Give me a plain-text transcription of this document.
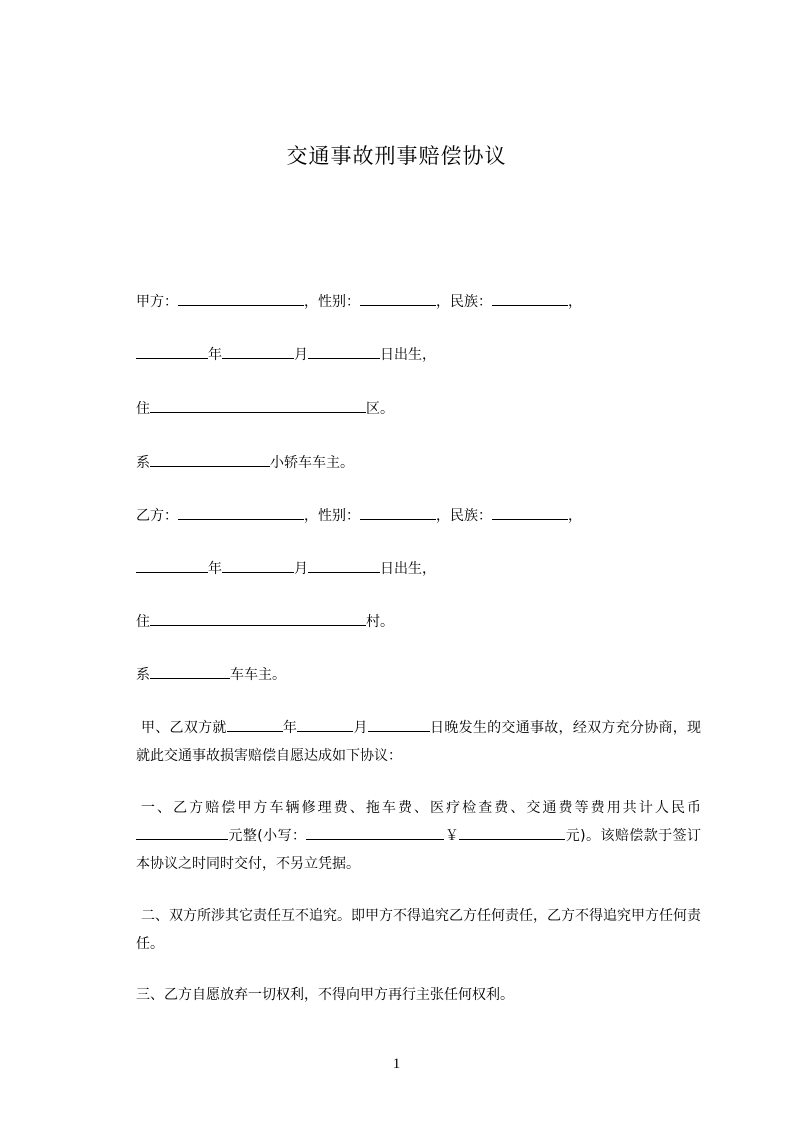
交通事故刑事赔偿协议
甲方：	，性别：	，民族：	，
年	月	日出生，
住	区。
系	小轿车车主。
乙方：	，性别：	，民族：	，
年	月	日出生，
住	村。
系	车车主。
甲、乙双方就	年	月	日晚发生的交通事故，经双方充分协商，现就此交通事故损害赔偿自愿达成如下协议：
一、乙方赔偿甲方车辆修理费、拖车费、医疗检查费、交通费等费用共计人民币元整(小写：	￥	元)。该赔偿款于签订本协议之时同时交付，不另立凭据。
二、双方所涉其它责任互不追究。即甲方不得追究乙方任何责任，乙方不得追究甲方任何责任。
三、乙方自愿放弃一切权利，不得向甲方再行主张任何权利。
1
